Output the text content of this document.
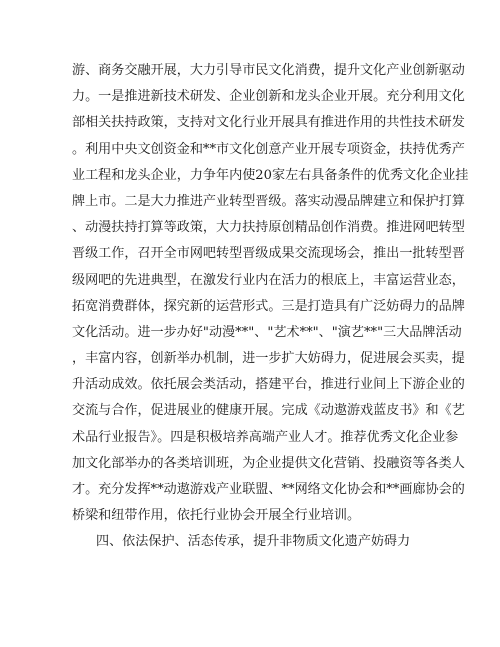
游、商务交融开展，大力引导市民文化消费，提升文化产业创新驱动
力。一是推进新技术研发、企业创新和龙头企业开展。充分利用文化
部相关扶持政策，支持对文化行业开展具有推进作用的共性技术研发
。利用中央文创资金和**市文化创意产业开展专项资金，扶持优秀产
业工程和龙头企业，力争年内使20家左右具备条件的优秀文化企业挂
牌上市。二是大力推进产业转型晋级。落实动漫品牌建立和保护打算
、动漫扶持打算等政策，大力扶持原创精品创作消费。推进网吧转型
晋级工作，召开全市网吧转型晋级成果交流现场会，推出一批转型晋
级网吧的先进典型，在激发行业内在活力的根底上，丰富运营业态，
拓宽消费群体，探究新的运营形式。三是打造具有广泛妨碍力的品牌
文化活动。进一步办好"动漫**"、"艺术**"、"演艺**"三大品牌活动
，丰富内容，创新举办机制，进一步扩大妨碍力，促进展会买卖，提
升活动成效。依托展会类活动，搭建平台，推进行业间上下游企业的
交流与合作，促进展业的健康开展。完成《动遨游戏蓝皮书》和《艺
术品行业报告》。四是积极培养高端产业人才。推荐优秀文化企业参
加文化部举办的各类培训班，为企业提供文化营销、投融资等各类人
才。充分发挥**动遨游戏产业联盟、**网络文化协会和**画廊协会的
桥梁和纽带作用，依托行业协会开展全行业培训。
四、依法保护、活态传承，提升非物质文化遗产妨碍力
